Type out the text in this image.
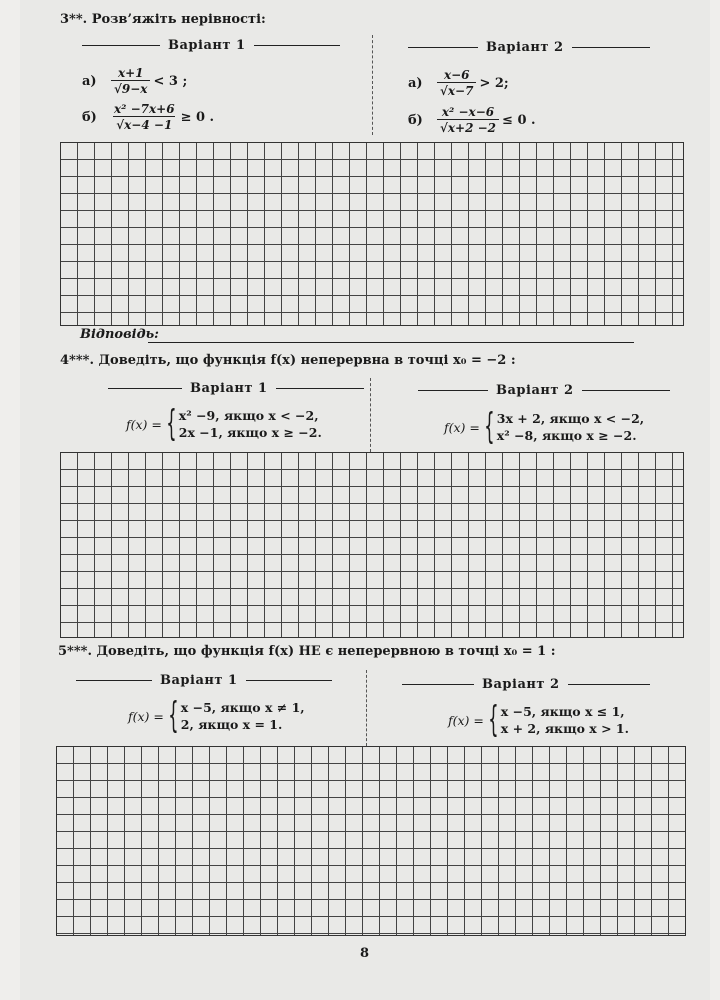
3**. Розв’яжіть нерівності:
Варіант 1	Варіант 2
а)	$\frac{x+1}{√9-x} < 3$ ;
б)	$\frac{\text{x² −7x+6}}{√x-4 -1} \ge 0$ .
а)	$\frac{x-6}{√x-7} > 2$;
б)	$\frac{\text{x² −x−6}}{√x+2 -2} \le 0$ .
Відповідь:
4***. Доведіть, що функція f(x) неперервна в точці x₀ = −2 :
Варіант 1	Варіант 2
f(x) = { x² −9, якщо x < −2,
2x −1, якщо x ≥ −2.	f(x) = { 3x + 2, якщо x < −2,
x² −8, якщо x ≥ −2.
5***. Доведіть, що функція f(x) НЕ є неперервною в точці x₀ = 1 :
Варіант 1	Варіант 2
f(x) = { x −5, якщо x ≠ 1,
2, якщо x = 1.	f(x) = { x −5, якщо x ≤ 1,
x + 2, якщо x > 1.
8
